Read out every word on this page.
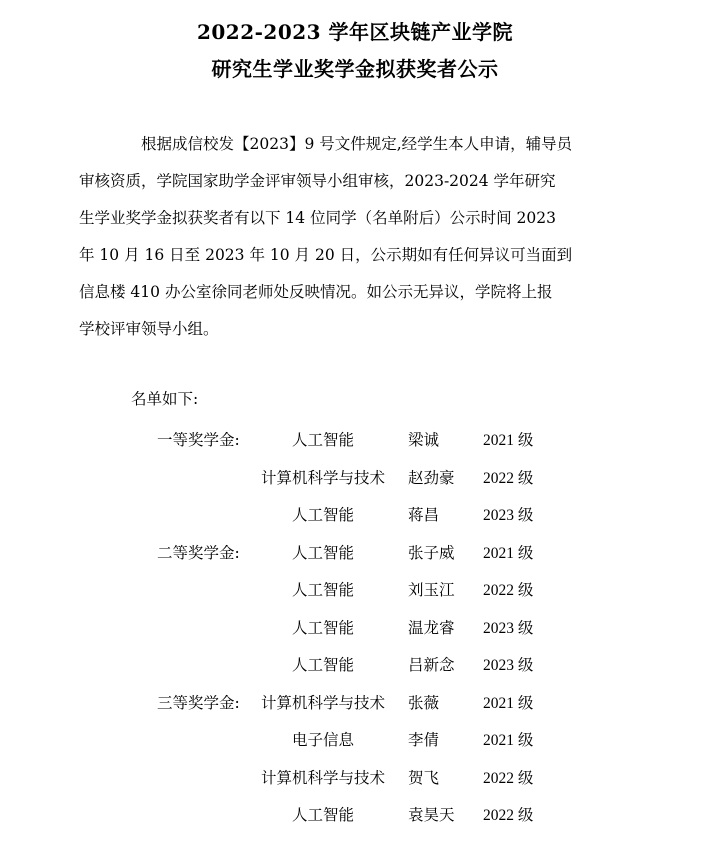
2022-2023 学年区块链产业学院
研究生学业奖学金拟获奖者公示
根据成信校发【2023】9 号文件规定,经学生本人申请，辅导员
审核资质，学院国家助学金评审领导小组审核，2023-2024 学年研究
生学业奖学金拟获奖者有以下 14 位同学（名单附后）公示时间 2023
年 10 月 16 日至 2023 年 10 月 20 日，公示期如有任何异议可当面到
信息楼 410 办公室徐同老师处反映情况。如公示无异议，学院将上报
学校评审领导小组。
名单如下:
一等奖学金:	人工智能	梁诚	2021 级
计算机科学与技术 赵劲豪 2022 级
人工智能	蒋昌	2023 级
二等奖学金:	人工智能	张子威 2021 级
人工智能	刘玉江 2022 级
人工智能	温龙睿 2023 级
人工智能	吕新念 2023 级
三等奖学金: 计算机科学与技术 张薇	2021 级
电子信息	李倩	2021 级
计算机科学与技术 贺飞	2022 级
人工智能	袁昊天 2022 级
